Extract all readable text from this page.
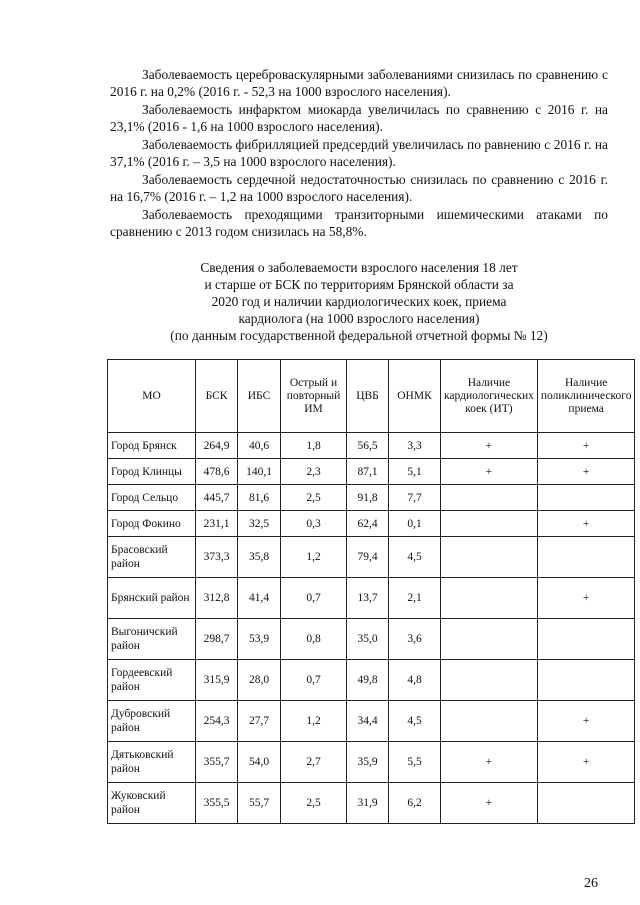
Заболеваемость цереброваскулярными заболеваниями снизилась по сравнению с 2016 г. на 0,2% (2016 г. - 52,3 на 1000 взрослого населения).

Заболеваемость инфарктом миокарда увеличилась по сравнению с 2016 г. на 23,1% (2016 - 1,6 на 1000 взрослого населения).

Заболеваемость фибрилляцией предсердий увеличилась по равнению с 2016 г. на 37,1% (2016 г. – 3,5 на 1000 взрослого населения).

Заболеваемость сердечной недостаточностью снизилась по сравнению с 2016 г. на 16,7% (2016 г. – 1,2 на 1000 взрослого населения).

Заболеваемость преходящими транзиторными ишемическими атаками по сравнению с 2013 годом снизилась на 58,8%.

Сведения о заболеваемости взрослого населения 18 лет
и старше от БСК по территориям Брянской области за
2020 год и наличии кардиологических коек, приема
кардиолога (на 1000 взрослого населения)
(по данным государственной федеральной отчетной формы № 12)
МО	БСК	ИБС	Острый и повторный ИМ	ЦВБ	ОНМК	Наличие кардиологических коек (ИТ)	Наличие поликлинического приема
Город Брянск	264,9	40,6	1,8	56,5	3,3	+	+
Город Клинцы	478,6	140,1	2,3	87,1	5,1	+	+
Город Сельцо	445,7	81,6	2,5	91,8	7,7		
Город Фокино	231,1	32,5	0,3	62,4	0,1		+
Брасовский район	373,3	35,8	1,2	79,4	4,5		
Брянский район	312,8	41,4	0,7	13,7	2,1		+
Выгоничский район	298,7	53,9	0,8	35,0	3,6		
Гордеевский район	315,9	28,0	0,7	49,8	4,8		
Дубровский район	254,3	27,7	1,2	34,4	4,5		+
Дятьковский район	355,7	54,0	2,7	35,9	5,5	+	+
Жуковский район	355,5	55,7	2,5	31,9	6,2	+	
26
